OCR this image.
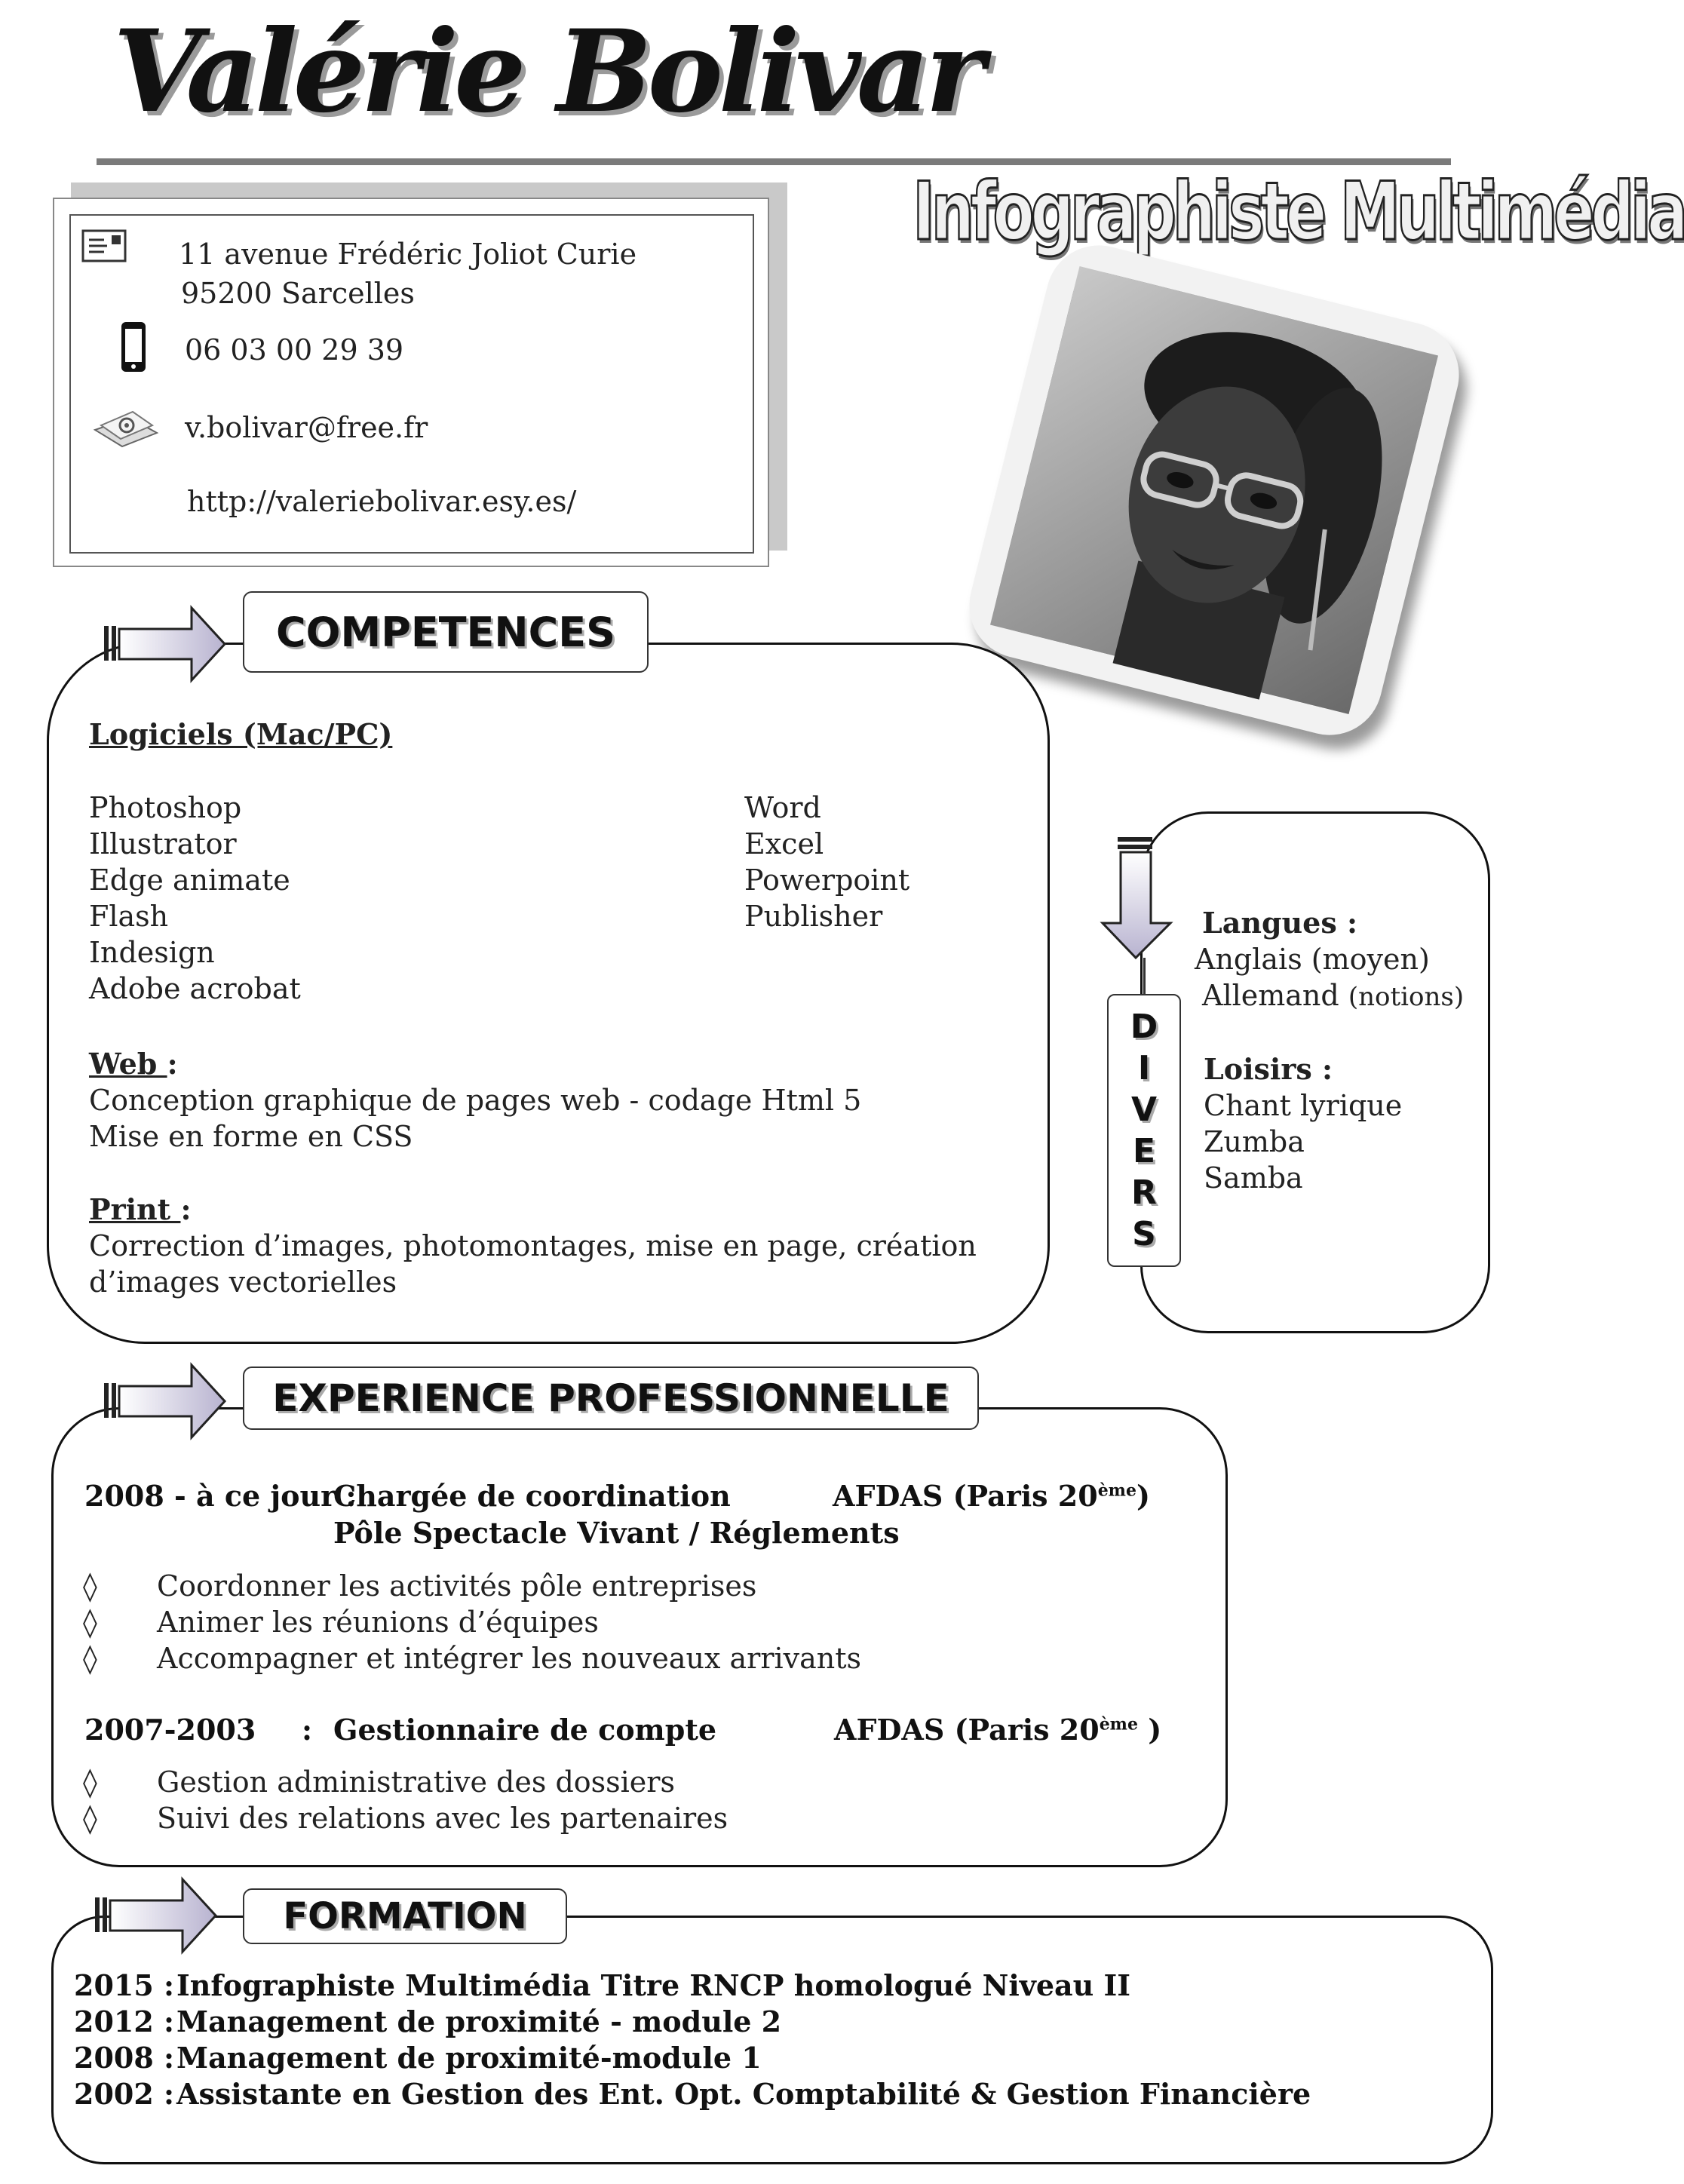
Valérie Bolivar
11 avenue Frédéric Joliot Curie
95200 Sarcelles
06 03 00 29 39
v.bolivar@free.fr
http://valeriebolivar.esy.es/
Infographiste Multimédia
COMPETENCES
Logiciels (Mac/PC)
Photoshop
Illustrator
Edge animate
Flash
Indesign
Adobe acrobat
Word
Excel
Powerpoint
Publisher
Web :
Conception graphique de pages web - codage Html 5
Mise en forme en CSS
Print :
Correction d’images, photomontages, mise en page, création
d’images vectorielles
D
I
V
E
R
S
Langues :
Anglais (moyen)
Allemand (notions)
Loisirs :
Chant lyrique
Zumba
Samba
EXPERIENCE PROFESSIONNELLE
2008 - à ce jour :
Chargée de coordination
Pôle Spectacle Vivant / Réglements
AFDAS (Paris 20ème)
◊ Coordonner les activités pôle entreprises
◊ Animer les réunions d’équipes
◊ Accompagner et intégrer les nouveaux arrivants
2007-2003 : Gestionnaire de compte	AFDAS (Paris 20ème )
◊ Gestion administrative des dossiers
◊ Suivi des relations avec les partenaires
FORMATION
2015 : Infographiste Multimédia Titre RNCP homologué Niveau II
2012 : Management de proximité - module 2
2008 : Management de proximité-module 1
2002 : Assistante en Gestion des Ent. Opt. Comptabilité & Gestion Financière
